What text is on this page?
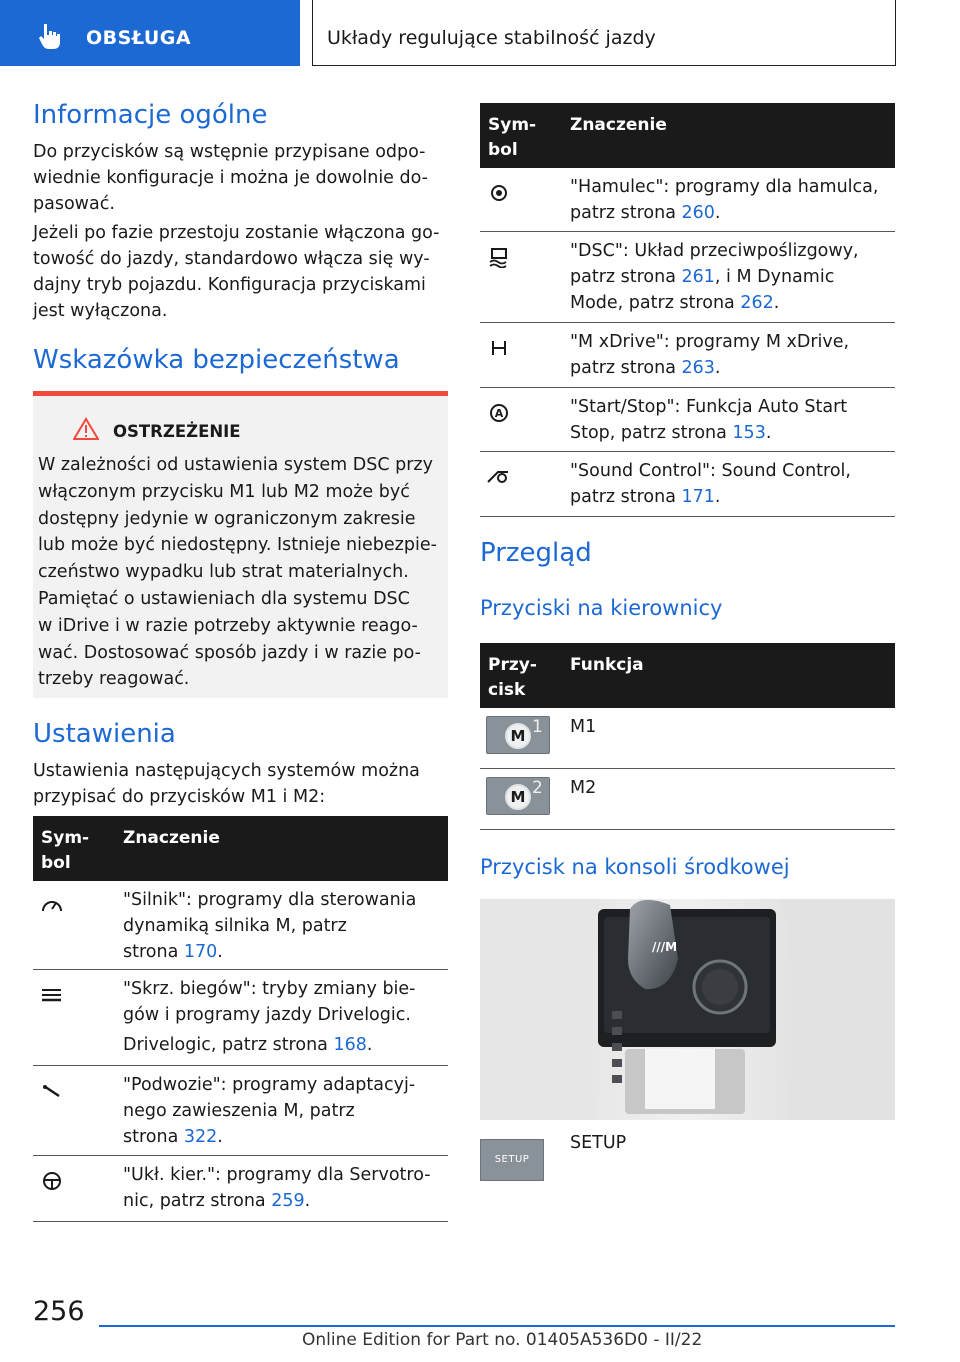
OBSŁUGA	Układy regulujące stabilność jazdy
Informacje ogólne
Do przycisków są wstępnie przypisane odpo-
wiednie konfiguracje i można je dowolnie do-
pasować.
Jeżeli po fazie przestoju zostanie włączona go-
towość do jazdy, standardowo włącza się wy-
dajny tryb pojazdu. Konfiguracja przyciskami
jest wyłączona.
Wskazówka bezpieczeństwa
OSTRZEŻENIE
W zależności od ustawienia system DSC przy
włączonym przycisku M1 lub M2 może być
dostępny jedynie w ograniczonym zakresie
lub może być niedostępny. Istnieje niebezpie-
czeństwo wypadku lub strat materialnych.
Pamiętać o ustawieniach dla systemu DSC
w iDrive i w razie potrzeby aktywnie reago-
wać. Dostosować sposób jazdy i w razie po-
trzeby reagować.
Ustawienia
Ustawienia następujących systemów można
przypisać do przycisków M1 i M2:
Sym-
bol
Znaczenie
"Silnik": programy dla sterowania
dynamiką silnika M, patrz
strona 170.
"Skrz. biegów": tryby zmiany bie-
gów i programy jazdy Drivelogic.
Drivelogic, patrz strona 168.
"Podwozie": programy adaptacyj-
nego zawieszenia M, patrz
strona 322.
"Ukł. kier.": programy dla Servotro-
nic, patrz strona 259.
Sym-
bol
Znaczenie
"Hamulec": programy dla hamulca,
patrz strona 260.
"DSC": Układ przeciwpoślizgowy,
patrz strona 261, i M Dynamic
Mode, patrz strona 262.
"M xDrive": programy M xDrive,
patrz strona 263.
A	"Start/Stop": Funkcja Auto Start
Stop, patrz strona 153.
"Sound Control": Sound Control,
patrz strona 171.
Przegląd
Przyciski na kierownicy
Przy-
cisk
Funkcja
M 1 M1
M 2 M2
Przycisk na konsoli środkowej
///M
SETUP
SETUP
256
Online Edition for Part no. 01405A536D0 - II/22
